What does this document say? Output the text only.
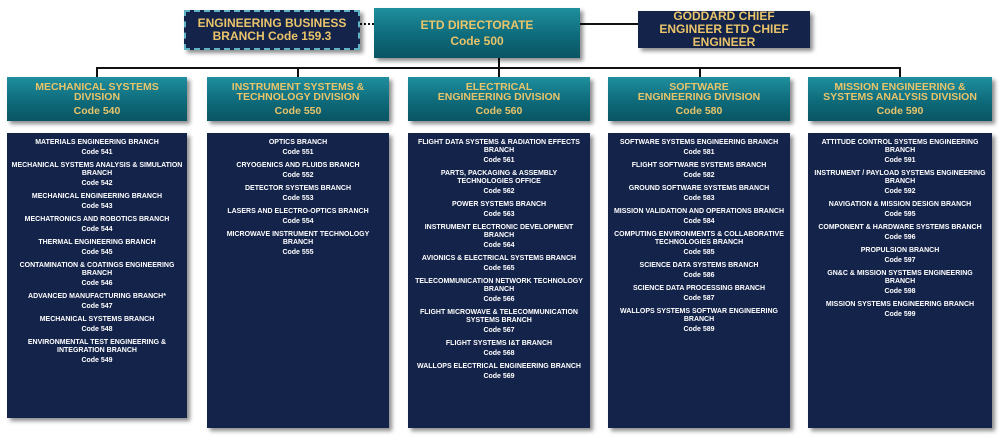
ENGINEERING BUSINESS BRANCH Code 159.3
ETD DIRECTORATE
Code 500
GODDARD CHIEF ENGINEER ETD CHIEF ENGINEER
MECHANICAL SYSTEMS DIVISION
Code 540
MATERIALS ENGINEERING BRANCH
Code 541
MECHANICAL SYSTEMS ANALYSIS & SIMULATION BRANCH
Code 542
MECHANICAL ENGINEERING BRANCH
Code 543
MECHATRONICS AND ROBOTICS BRANCH
Code 544
THERMAL ENGINEERING BRANCH
Code 545
CONTAMINATION & COATINGS ENGINEERING BRANCH
Code 546
ADVANCED MANUFACTURING BRANCH*
Code 547
MECHANICAL SYSTEMS BRANCH
Code 548
ENVIRONMENTAL TEST ENGINEERING & INTEGRATION BRANCH
Code 549
INSTRUMENT SYSTEMS & TECHNOLOGY DIVISION
Code 550
OPTICS BRANCH
Code 551
CRYOGENICS AND FLUIDS BRANCH
Code 552
DETECTOR SYSTEMS BRANCH
Code 553
LASERS AND ELECTRO-OPTICS BRANCH
Code 554
MICROWAVE INSTRUMENT TECHNOLOGY BRANCH
Code 555
ELECTRICAL ENGINEERING DIVISION
Code 560
FLIGHT DATA SYSTEMS & RADIATION EFFECTS BRANCH
Code 561
PARTS, PACKAGING & ASSEMBLY TECHNOLOGIES OFFICE
Code 562
POWER SYSTEMS BRANCH
Code 563
INSTRUMENT ELECTRONIC DEVELOPMENT BRANCH
Code 564
AVIONICS & ELECTRICAL SYSTEMS BRANCH
Code 565
TELECOMMUNICATION NETWORK TECHNOLOGY BRANCH
Code 566
FLIGHT MICROWAVE & TELECOMMUNICATION SYSTEMS BRANCH
Code 567
FLIGHT SYSTEMS I&T BRANCH
Code 568
WALLOPS ELECTRICAL ENGINEERING BRANCH
Code 569
SOFTWARE ENGINEERING DIVISION
Code 580
SOFTWARE SYSTEMS ENGINEERING BRANCH
Code 581
FLIGHT SOFTWARE SYSTEMS BRANCH
Code 582
GROUND SOFTWARE SYSTEMS BRANCH
Code 583
MISSION VALIDATION AND OPERATIONS BRANCH
Code 584
COMPUTING ENVIRONMENTS & COLLABORATIVE TECHNOLOGIES BRANCH
Code 585
SCIENCE DATA SYSTEMS BRANCH
Code 586
SCIENCE DATA PROCESSING BRANCH
Code 587
WALLOPS SYSTEMS SOFTWAR ENGINEERING BRANCH
Code 589
MISSION ENGINEERING & SYSTEMS ANALYSIS DIVISION
Code 590
ATTITUDE CONTROL SYSTEMS ENGINEERING BRANCH
Code 591
INSTRUMENT / PAYLOAD SYSTEMS ENGINEERING BRANCH
Code 592
NAVIGATION & MISSION DESIGN BRANCH
Code 595
COMPONENT & HARDWARE SYSTEMS BRANCH
Code 596
PROPULSION BRANCH
Code 597
GN&C & MISSION SYSTEMS ENGINEERING BRANCH
Code 598
MISSION SYSTEMS ENGINEERING BRANCH
Code 599
